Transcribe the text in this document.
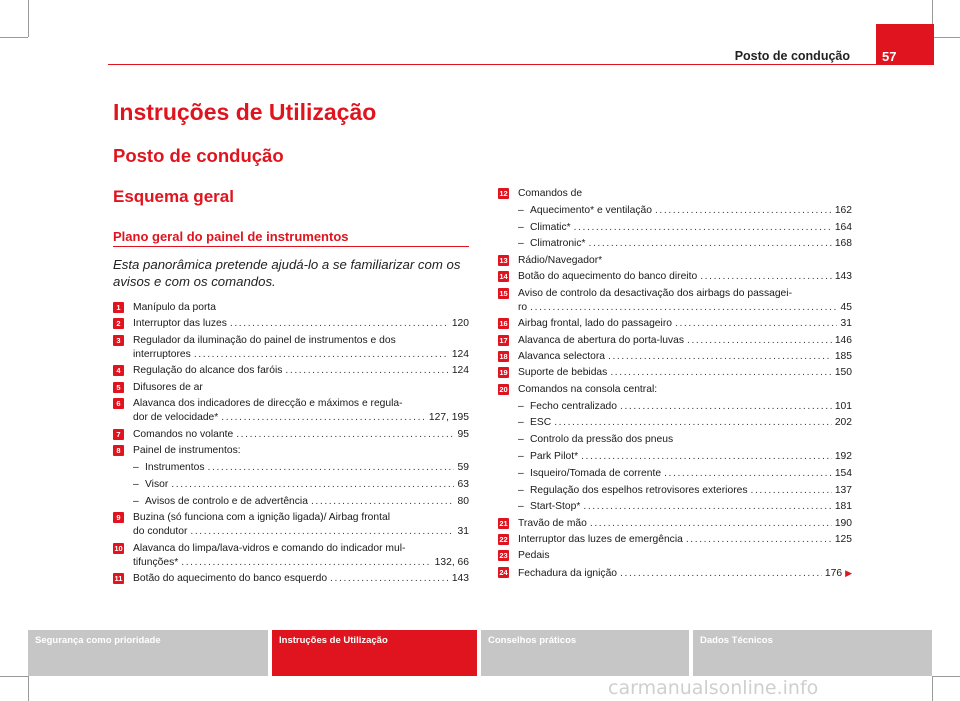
Posto de condução 57
Instruções de Utilização
Posto de condução
Esquema geral
Plano geral do painel de instrumentos
Esta panorâmica pretende ajudá-lo a se familiarizar com os avisos e com os comandos.
1	Manípulo da porta
2	Interruptor das luzes .....	120
3	Regulador da iluminação do painel de instrumentos e dos
interruptores .....	124
4	Regulação do alcance dos faróis .....	124
5	Difusores de ar
6	Alavanca dos indicadores de direcção e máximos e regula-
dor de velocidade* .....	127, 195
7	Comandos no volante .....	95
8	Painel de instrumentos:
– Instrumentos .....	59
– Visor .....	63
– Avisos de controlo e de advertência .....	80
9	Buzina (só funciona com a ignição ligada)/ Airbag frontal
do condutor .....	31
10 Alavanca do limpa/lava-vidros e comando do indicador mul-
tifunções* .....	132, 66
11 Botão do aquecimento do banco esquerdo .....	143
12 Comandos de
– Aquecimento* e ventilação .....	162
– Climatic* .....	164
– Climatronic* .....	168
13 Rádio/Navegador*
14 Botão do aquecimento do banco direito .....	143
15 Aviso de controlo da desactivação dos airbags do passagei-
ro .....	45
16 Airbag frontal, lado do passageiro .....	31
17 Alavanca de abertura do porta-luvas .....	146
18 Alavanca selectora .....	185
19 Suporte de bebidas .....	150
20 Comandos na consola central:
– Fecho centralizado .....	101
– ESC .....	202
– Controlo da pressão dos pneus
– Park Pilot* .....	192
– Isqueiro/Tomada de corrente .....	154
– Regulação dos espelhos retrovisores exteriores .....	137
– Start-Stop* .....	181
21 Travão de mão .....	190
22 Interruptor das luzes de emergência .....	125
23 Pedais
24 Fechadura da ignição .....	176 ▶
Segurança como prioridade	Instruções de Utilização	Conselhos práticos	Dados Técnicos
carmanualsonline.info
